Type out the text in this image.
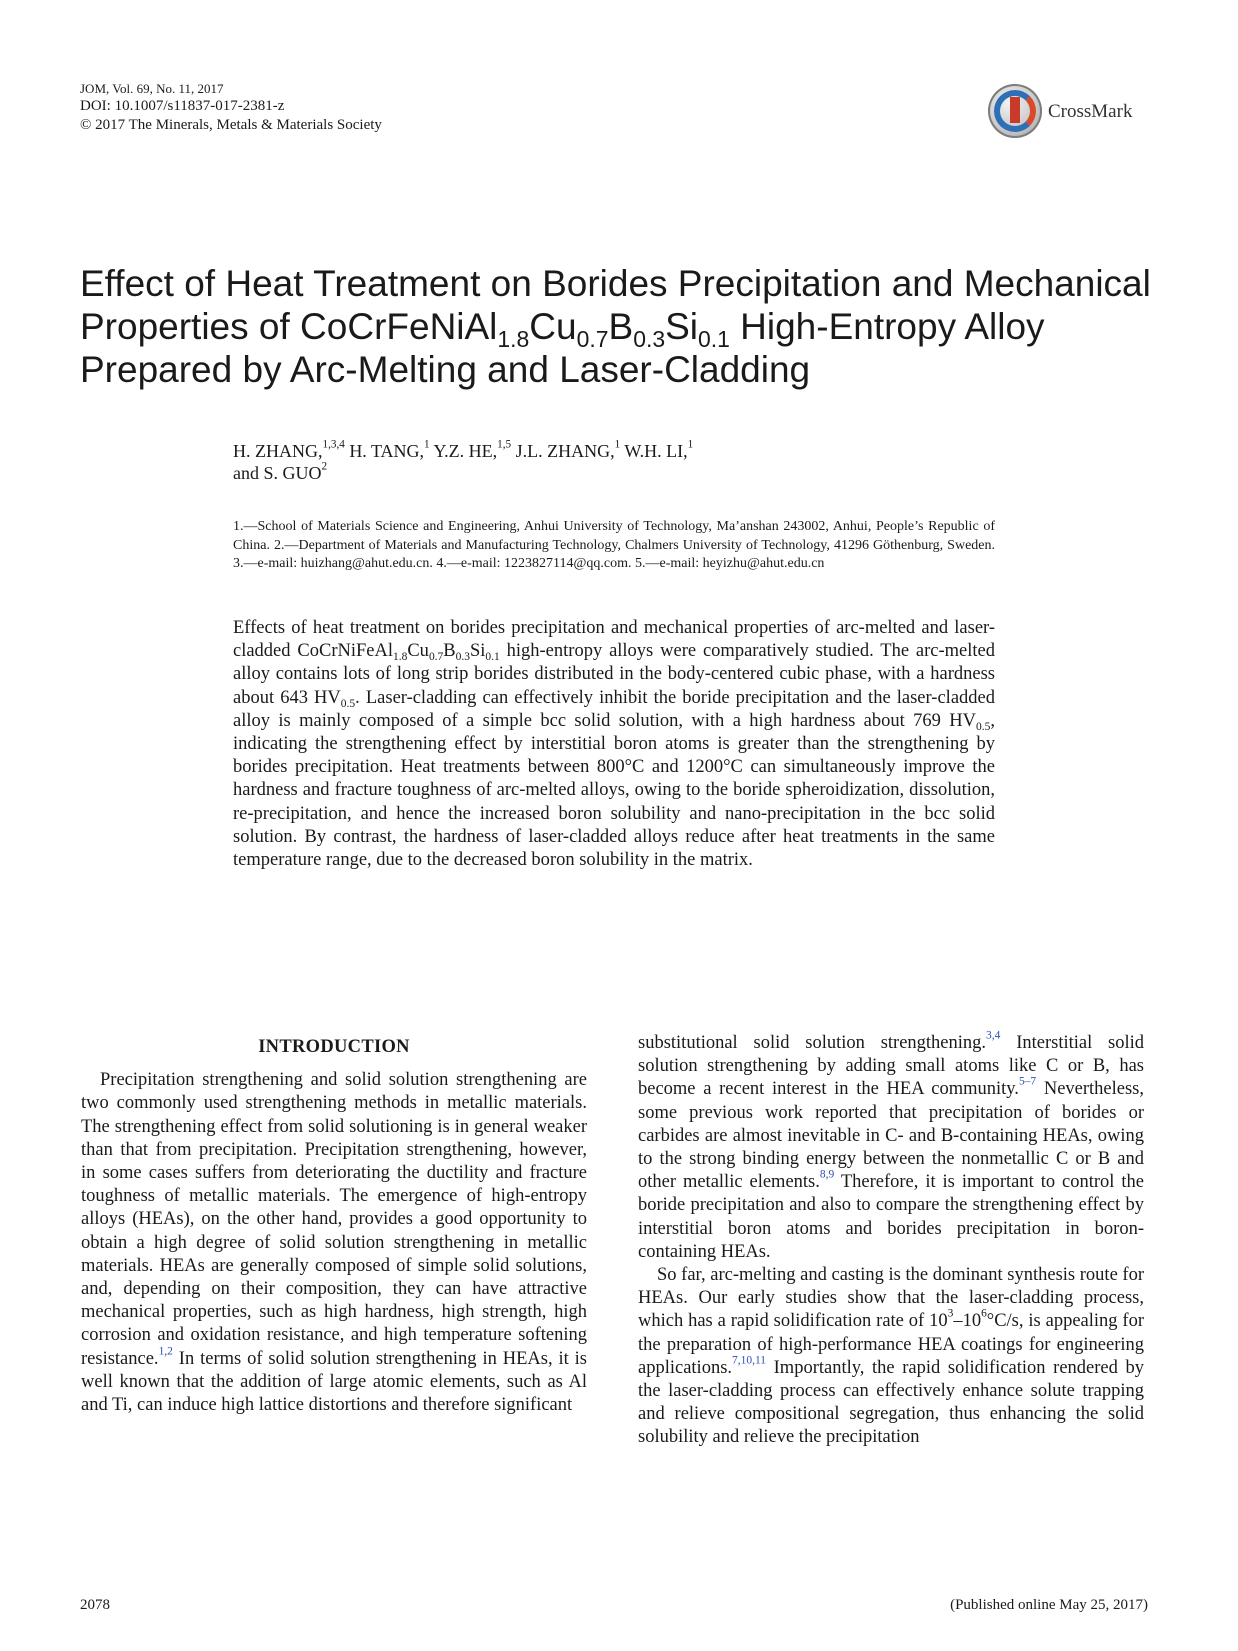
JOM, Vol. 69, No. 11, 2017
DOI: 10.1007/s11837-017-2381-z
© 2017 The Minerals, Metals & Materials Society
CrossMark
Effect of Heat Treatment on Borides Precipitation and Mechanical Properties of $CoCrFeNiAl_{1.8}Cu_{0.7}B_{0.3}Si_{0.1}$ High-Entropy Alloy Prepared by Arc-Melting and Laser-Cladding
H. ZHANG,$^{1,3,4}$ H. TANG,$^1$ Y.Z. HE,$^{1,5}$ J.L. ZHANG,$^1$ W.H. LI,$^1$
and S. GUO$^2$
1.—School of Materials Science and Engineering, Anhui University of Technology, Ma’anshan 243002, Anhui, People’s Republic of China. 2.—Department of Materials and Manufacturing Technology, Chalmers University of Technology, 41296 Göthenburg, Sweden. 3.—e-mail: huizhang@ahut.edu.cn. 4.—e-mail: 1223827114@qq.com. 5.—e-mail: heyizhu@ahut.edu.cn
Effects of heat treatment on borides precipitation and mechanical properties of arc-melted and laser-cladded $CoCrNiFeAl_{1.8}Cu_{0.7}B_{0.3}Si_{0.1}$ high-entropy alloys were comparatively studied. The arc-melted alloy contains lots of long strip borides distributed in the body-centered cubic phase, with a hardness about 643 $HV_{0.5}$. Laser-cladding can effectively inhibit the boride precipitation and the laser-cladded alloy is mainly composed of a simple bcc solid solution, with a high hardness about 769 $HV_{0.5}$, indicating the strengthening effect by interstitial boron atoms is greater than the strengthening by borides precipitation. Heat treatments between 800°C and 1200°C can simultaneously improve the hardness and fracture toughness of arc-melted alloys, owing to the boride spheroidization, dissolution, re-precipitation, and hence the increased boron solubility and nano-precipitation in the bcc solid solution. By contrast, the hardness of laser-cladded alloys reduce after heat treatments in the same temperature range, due to the decreased boron solubility in the matrix.
INTRODUCTION

Precipitation strengthening and solid solution strengthening are two commonly used strengthening methods in metallic materials. The strengthening effect from solid solutioning is in general weaker than that from precipitation. Precipitation strengthening, however, in some cases suffers from deteriorating the ductility and fracture toughness of metallic materials. The emergence of high-entropy alloys (HEAs), on the other hand, provides a good opportunity to obtain a high degree of solid solution strengthening in metallic materials. HEAs are generally composed of simple solid solutions, and, depending on their composition, they can have attractive mechanical properties, such as high hardness, high strength, high corrosion and oxidation resistance, and high temperature softening resistance.$^{1,2}$ In terms of solid solution strengthening in HEAs, it is well known that the addition of large atomic elements, such as Al and Ti, can induce high lattice distortions and therefore significant

substitutional solid solution strengthening.$^{3,4}$ Interstitial solid solution strengthening by adding small atoms like C or B, has become a recent interest in the HEA community.$^{5-7}$ Nevertheless, some previous work reported that precipitation of borides or carbides are almost inevitable in C- and B-containing HEAs, owing to the strong binding energy between the nonmetallic C or B and other metallic elements.$^{8,9}$ Therefore, it is important to control the boride precipitation and also to compare the strengthening effect by interstitial boron atoms and borides precipitation in boron-containing HEAs.

So far, arc-melting and casting is the dominant synthesis route for HEAs. Our early studies show that the laser-cladding process, which has a rapid solidification rate of $10^3-10^6^\circ C/s$, is appealing for the preparation of high-performance HEA coatings for engineering applications.$^{7,10,11}$ Importantly, the rapid solidification rendered by the laser-cladding process can effectively enhance solute trapping and relieve compositional segregation, thus enhancing the solid solubility and relieve the precipitation

2078	(Published online May 25, 2017)
